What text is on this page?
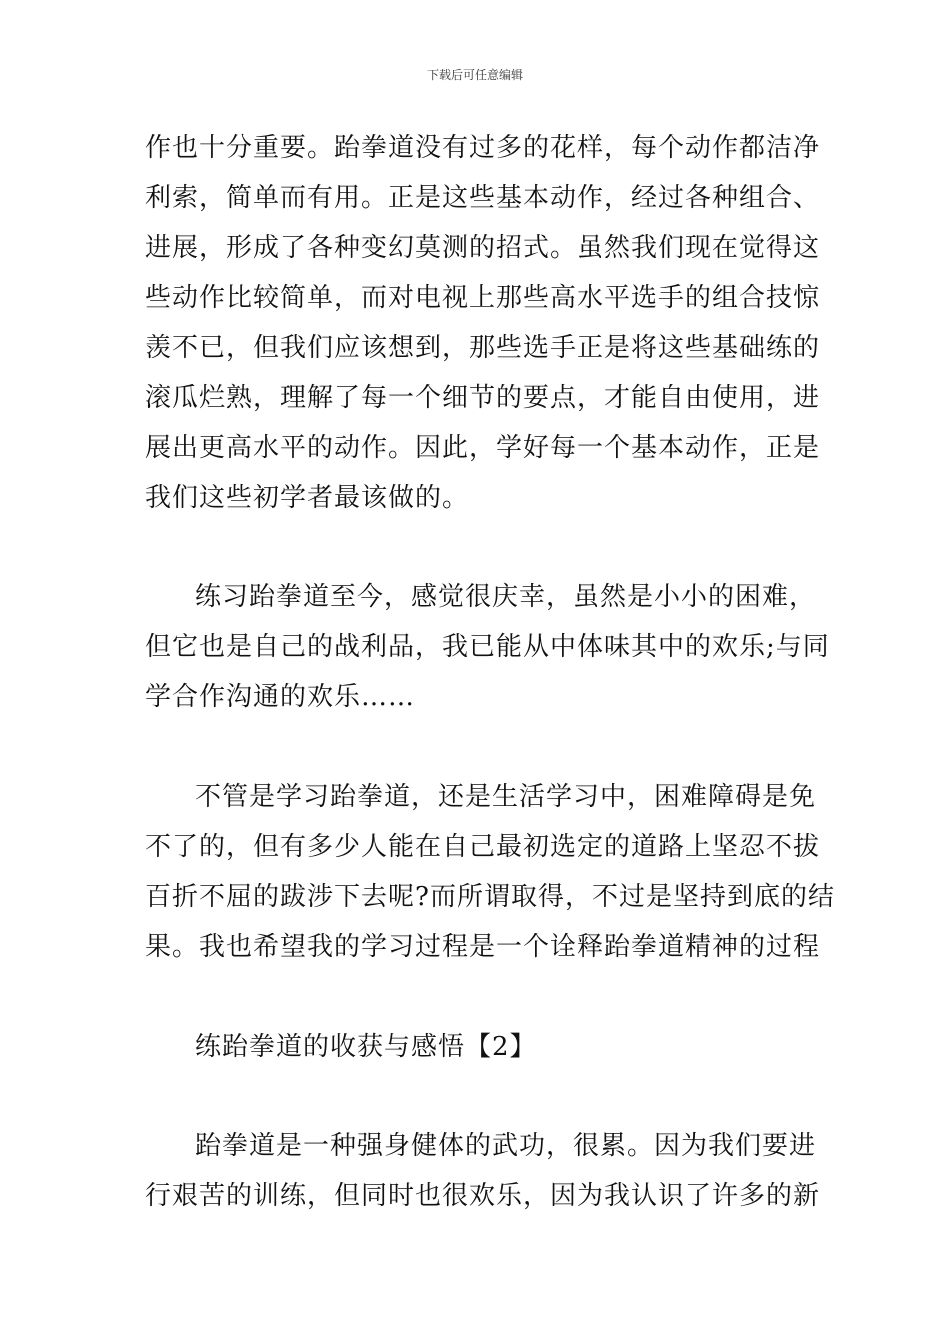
下载后可任意编辑
作也十分重要。跆拳道没有过多的花样，每个动作都洁净
利索，简单而有用。正是这些基本动作，经过各种组合、
进展，形成了各种变幻莫测的招式。虽然我们现在觉得这
些动作比较简单，而对电视上那些高水平选手的组合技惊
羡不已，但我们应该想到，那些选手正是将这些基础练的
滚瓜烂熟，理解了每一个细节的要点，才能自由使用，进
展出更高水平的动作。因此，学好每一个基本动作，正是
我们这些初学者最该做的。
练习跆拳道至今，感觉很庆幸，虽然是小小的困难，
但它也是自己的战利品，我已能从中体味其中的欢乐;与同
学合作沟通的欢乐……
不管是学习跆拳道，还是生活学习中，困难障碍是免
不了的，但有多少人能在自己最初选定的道路上坚忍不拔
百折不屈的跋涉下去呢?而所谓取得，不过是坚持到底的结
果。我也希望我的学习过程是一个诠释跆拳道精神的过程
练跆拳道的收获与感悟【2】
跆拳道是一种强身健体的武功，很累。因为我们要进
行艰苦的训练，但同时也很欢乐，因为我认识了许多的新
